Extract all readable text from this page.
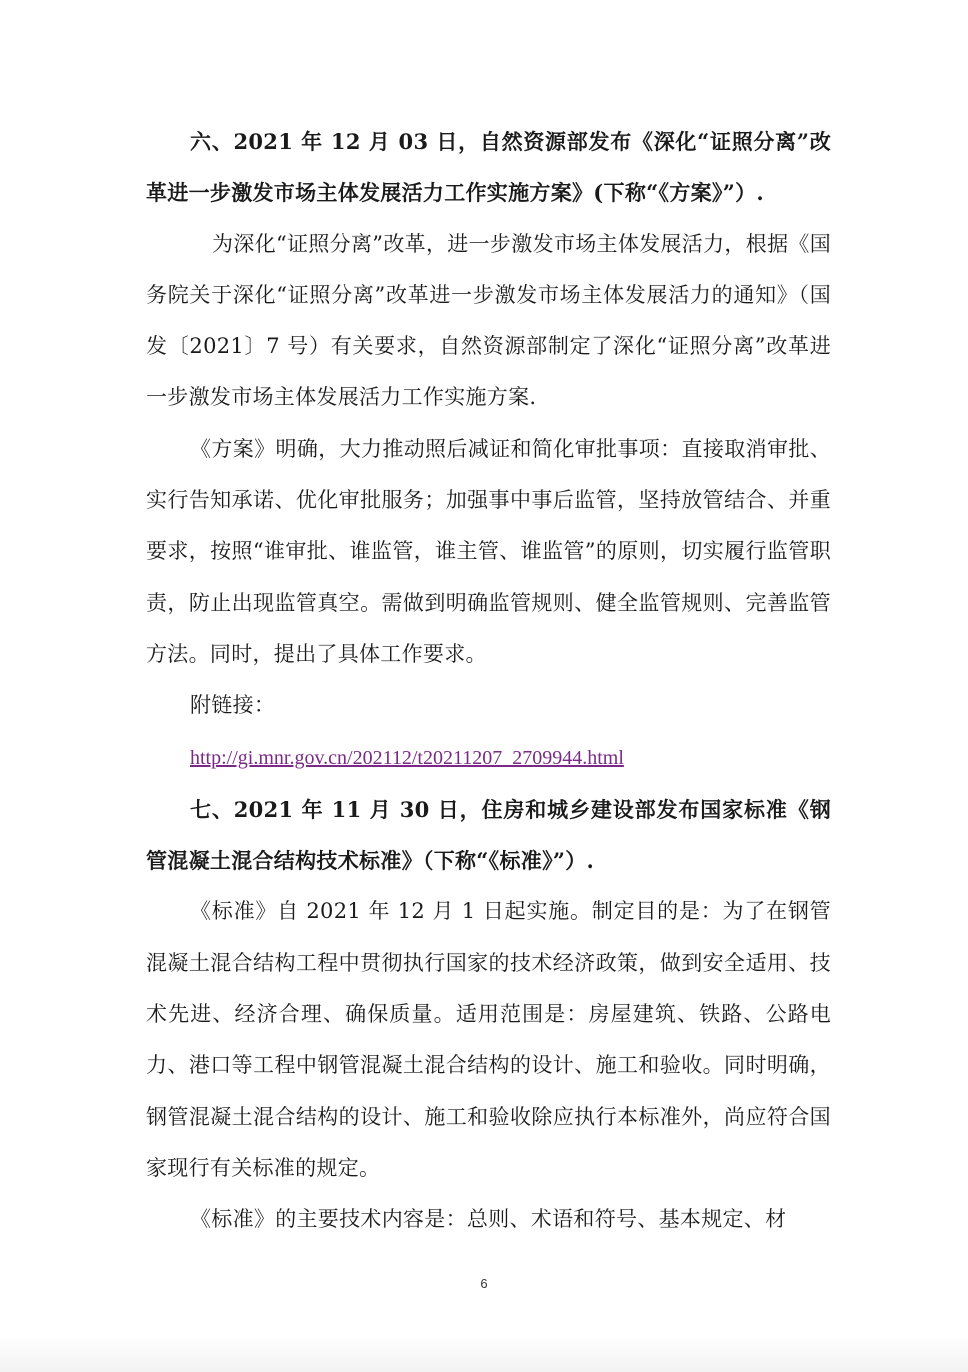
六、2021 年 12 月 03 日，自然资源部发布《深化“证照分离”改革进一步激发市场主体发展活力工作实施方案》(下称“《方案》”）.

为深化“证照分离”改革，进一步激发市场主体发展活力，根据《国务院关于深化“证照分离”改革进一步激发市场主体发展活力的通知》（国发〔2021〕7 号）有关要求，自然资源部制定了深化“证照分离”改革进一步激发市场主体发展活力工作实施方案.

《方案》明确，大力推动照后减证和简化审批事项：直接取消审批、实行告知承诺、优化审批服务；加强事中事后监管，坚持放管结合、并重要求，按照“谁审批、谁监管，谁主管、谁监管”的原则，切实履行监管职责，防止出现监管真空。需做到明确监管规则、健全监管规则、完善监管方法。同时，提出了具体工作要求。

附链接：

http://gi.mnr.gov.cn/202112/t20211207_2709944.html

七、2021 年 11 月 30 日，住房和城乡建设部发布国家标准《钢管混凝土混合结构技术标准》（下称“《标准》”）.

《标准》自 2021 年 12 月 1 日起实施。制定目的是：为了在钢管混凝土混合结构工程中贯彻执行国家的技术经济政策，做到安全适用、技术先进、经济合理、确保质量。适用范围是：房屋建筑、铁路、公路电力、港口等工程中钢管混凝土混合结构的设计、施工和验收。同时明确，钢管混凝土混合结构的设计、施工和验收除应执行本标准外，尚应符合国家现行有关标准的规定。

《标准》的主要技术内容是：总则、术语和符号、基本规定、材

6
